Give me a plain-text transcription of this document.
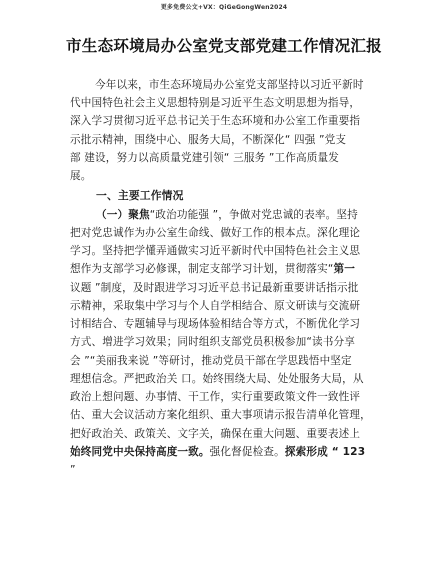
更多免费公文+VX：QiGeGongWen2024
市生态环境局办公室党支部党建工作情况汇报
今年以来，市生态环境局办公室党支部坚持以习近平新时
代中国特色社会主义思想特别是习近平生态文明思想为指导，
深入学习贯彻习近平总书记关于生态环境和办公室工作重要指
示批示精神，围绕中心、服务大局，不断深化“ 四强 ”党支
部 建设，努力以高质量党建引领“ 三服务 ”工作高质量发
展。
一、主要工作情况
（一）聚焦“政治功能强 ”，争做对党忠诚的表率。坚持
把对党忠诚作为办公室生命线、做好工作的根本点。深化理论
学习。坚持把学懂弄通做实习近平新时代中国特色社会主义思
想作为支部学习必修课，制定支部学习计划，贯彻落实“第一
议题 ”制度，及时跟进学习习近平总书记最新重要讲话指示批
示精神，采取集中学习与个人自学相结合、原文研读与交流研
讨相结合、专题辅导与现场体验相结合等方式，不断优化学习
方式、增进学习效果；同时组织支部党员积极参加“读书分享
会 ”“美丽我来说 ”等研讨，推动党员干部在学思践悟中坚定
理想信念。严把政治关 口。始终围绕大局、处处服务大局，从
政治上想问题、办事情、干工作，实行重要政策文件一致性评
估、重大会议活动方案化组织、重大事项请示报告清单化管理，
把好政治关、政策关、文字关，确保在重大问题、重要表述上
始终同党中央保持高度一致。强化督促检查。探索形成 “ 123
”
